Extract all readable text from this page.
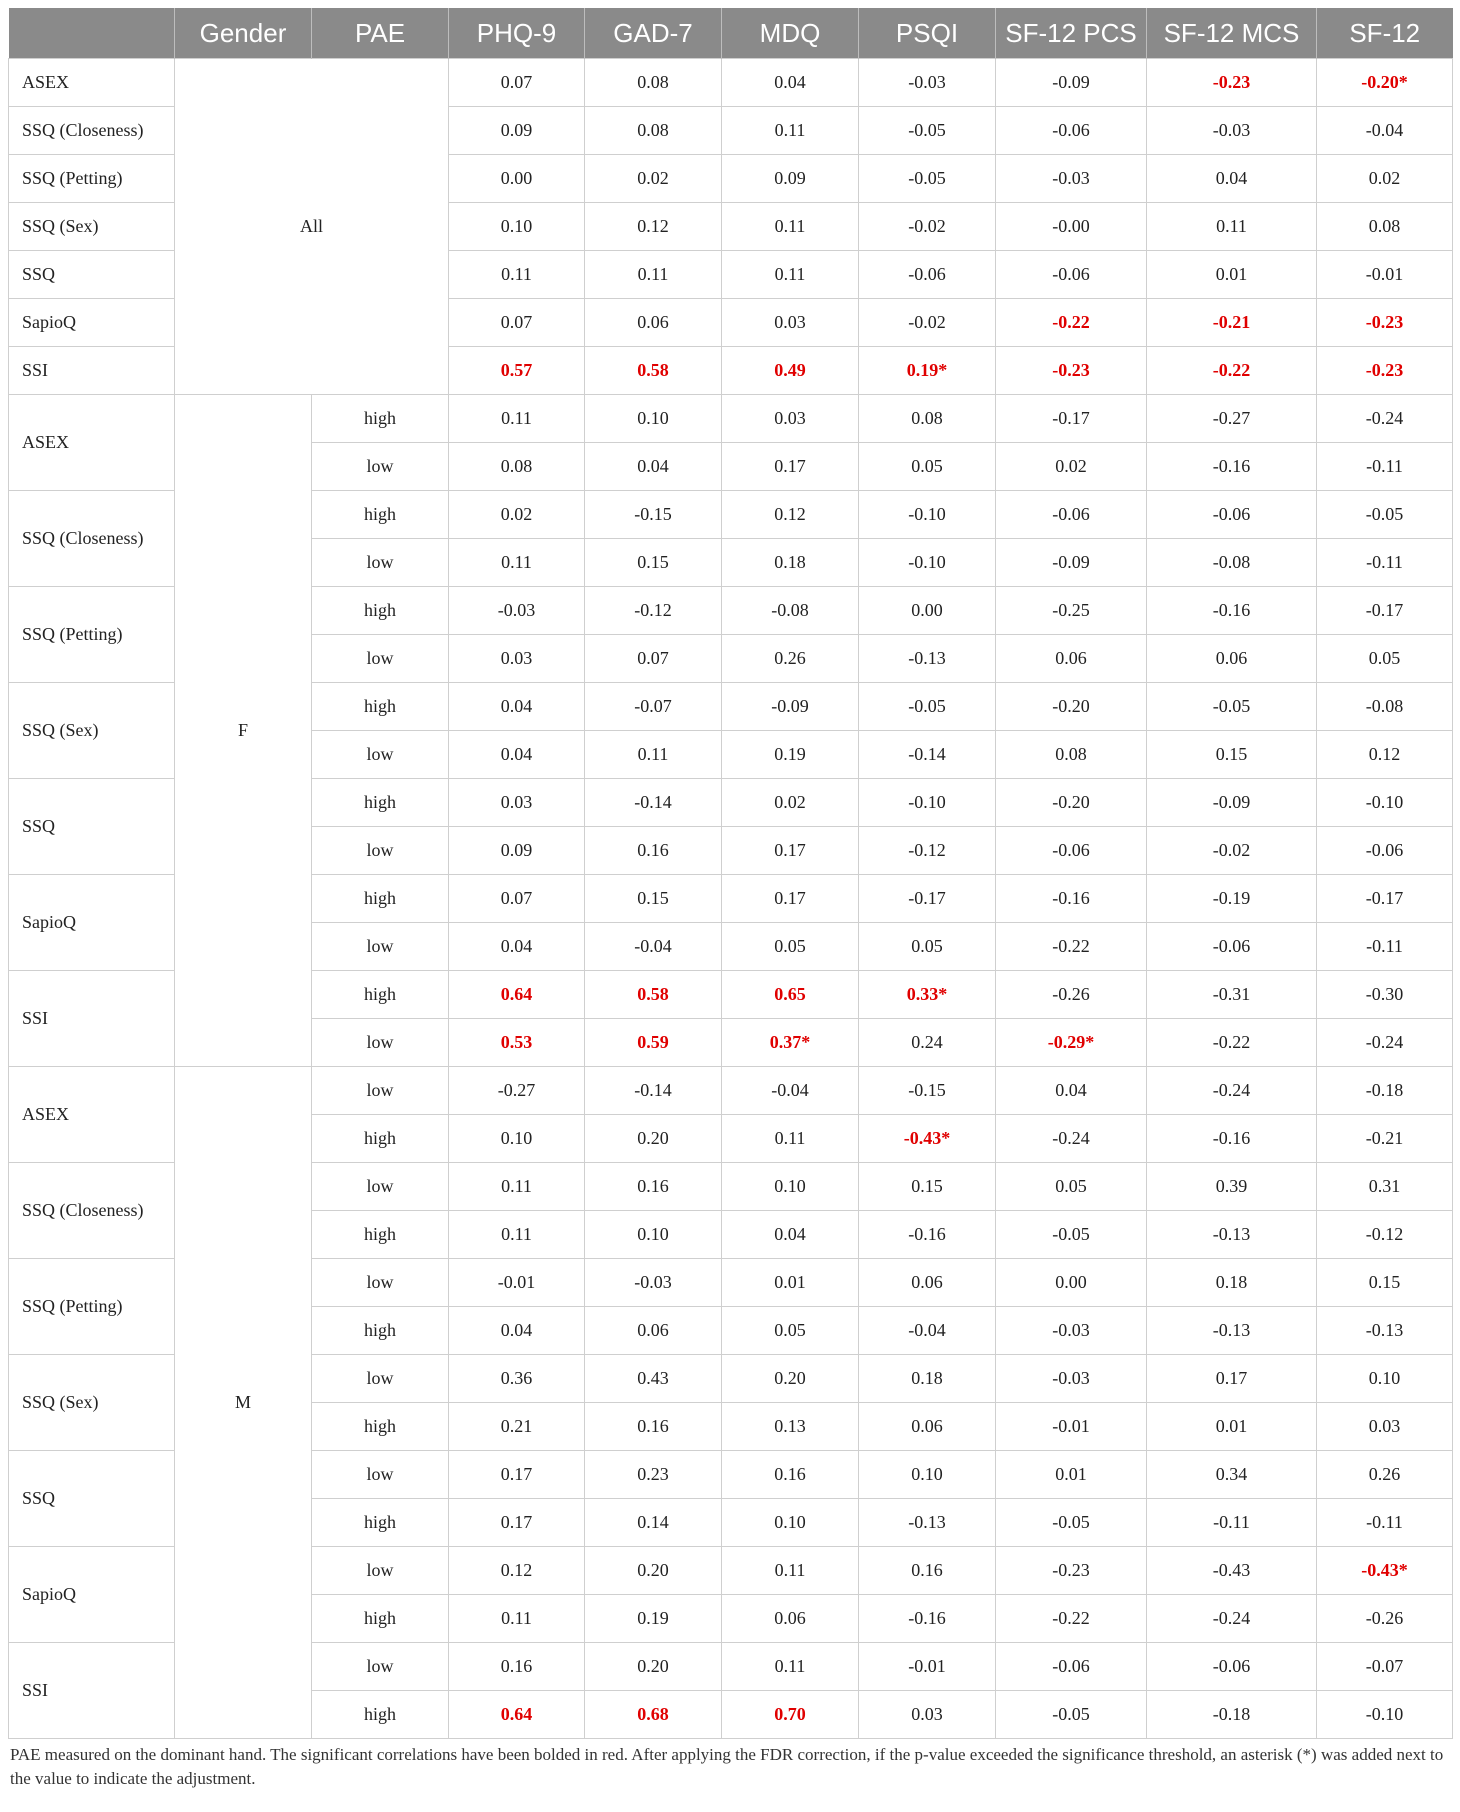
	Gender	PAE	PHQ-9	GAD-7	MDQ	PSQI	SF-12 PCS	SF-12 MCS	SF-12
ASEX	All		0.07	0.08	0.04	-0.03	-0.09	-0.23	-0.20*
SSQ (Closeness)			0.09	0.08	0.11	-0.05	-0.06	-0.03	-0.04
SSQ (Petting)			0.00	0.02	0.09	-0.05	-0.03	0.04	0.02
SSQ (Sex)			0.10	0.12	0.11	-0.02	-0.00	0.11	0.08
SSQ			0.11	0.11	0.11	-0.06	-0.06	0.01	-0.01
SapioQ			0.07	0.06	0.03	-0.02	-0.22	-0.21	-0.23
SSI			0.57	0.58	0.49	0.19*	-0.23	-0.22	-0.23
ASEX	F	high	0.11	0.10	0.03	0.08	-0.17	-0.27	-0.24
		low	0.08	0.04	0.17	0.05	0.02	-0.16	-0.11
SSQ (Closeness)		high	0.02	-0.15	0.12	-0.10	-0.06	-0.06	-0.05
		low	0.11	0.15	0.18	-0.10	-0.09	-0.08	-0.11
SSQ (Petting)		high	-0.03	-0.12	-0.08	0.00	-0.25	-0.16	-0.17
		low	0.03	0.07	0.26	-0.13	0.06	0.06	0.05
SSQ (Sex)		high	0.04	-0.07	-0.09	-0.05	-0.20	-0.05	-0.08
		low	0.04	0.11	0.19	-0.14	0.08	0.15	0.12
SSQ		high	0.03	-0.14	0.02	-0.10	-0.20	-0.09	-0.10
		low	0.09	0.16	0.17	-0.12	-0.06	-0.02	-0.06
SapioQ		high	0.07	0.15	0.17	-0.17	-0.16	-0.19	-0.17
		low	0.04	-0.04	0.05	0.05	-0.22	-0.06	-0.11
SSI		high	0.64	0.58	0.65	0.33*	-0.26	-0.31	-0.30
		low	0.53	0.59	0.37*	0.24	-0.29*	-0.22	-0.24
ASEX	M	low	-0.27	-0.14	-0.04	-0.15	0.04	-0.24	-0.18
		high	0.10	0.20	0.11	-0.43*	-0.24	-0.16	-0.21
SSQ (Closeness)		low	0.11	0.16	0.10	0.15	0.05	0.39	0.31
		high	0.11	0.10	0.04	-0.16	-0.05	-0.13	-0.12
SSQ (Petting)		low	-0.01	-0.03	0.01	0.06	0.00	0.18	0.15
		high	0.04	0.06	0.05	-0.04	-0.03	-0.13	-0.13
SSQ (Sex)		low	0.36	0.43	0.20	0.18	-0.03	0.17	0.10
		high	0.21	0.16	0.13	0.06	-0.01	0.01	0.03
SSQ		low	0.17	0.23	0.16	0.10	0.01	0.34	0.26
		high	0.17	0.14	0.10	-0.13	-0.05	-0.11	-0.11
SapioQ		low	0.12	0.20	0.11	0.16	-0.23	-0.43	-0.43*
		high	0.11	0.19	0.06	-0.16	-0.22	-0.24	-0.26
SSI		low	0.16	0.20	0.11	-0.01	-0.06	-0.06	-0.07
		high	0.64	0.68	0.70	0.03	-0.05	-0.18	-0.10
PAE measured on the dominant hand. The significant correlations have been bolded in red. After applying the FDR correction, if the p-value exceeded the significance threshold, an asterisk (*) was added next to the value to indicate the adjustment.
